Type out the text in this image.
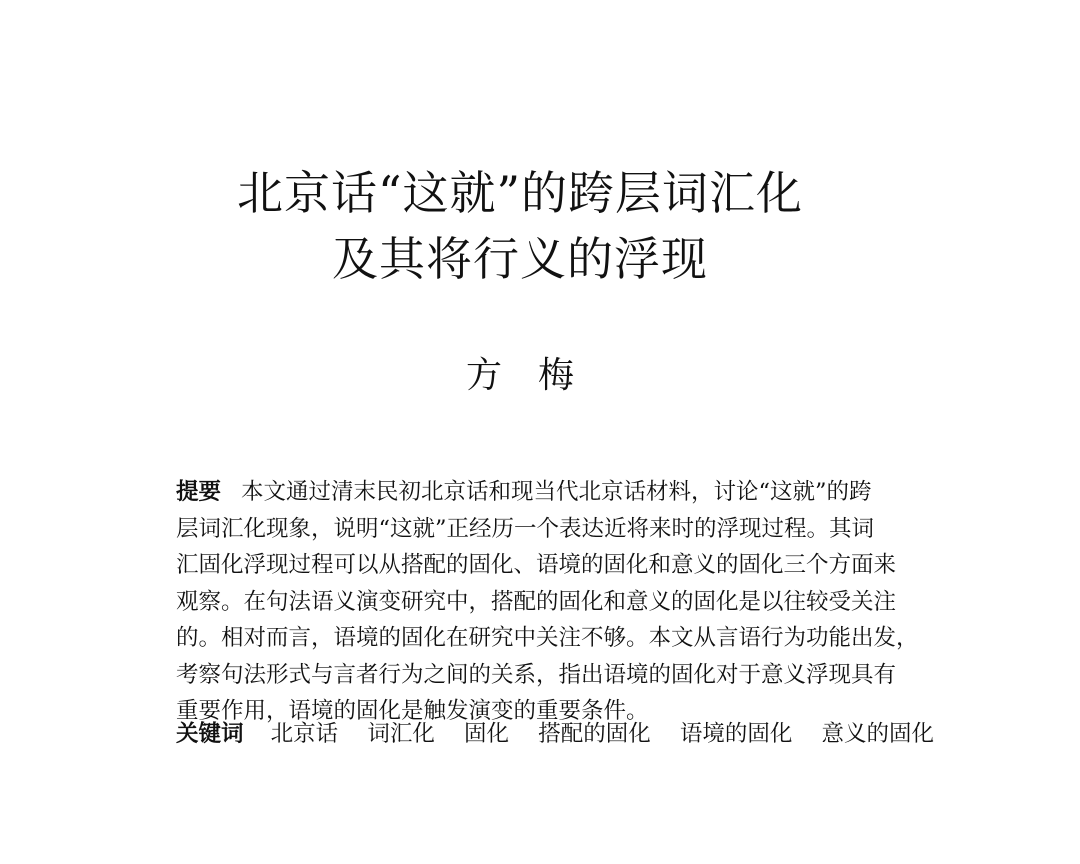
北京话“这就”的跨层词汇化
及其将行义的浮现
方　梅
提要 本文通过清末民初北京话和现当代北京话材料，讨论“这就”的跨
层词汇化现象，说明“这就”正经历一个表达近将来时的浮现过程。其词
汇固化浮现过程可以从搭配的固化、语境的固化和意义的固化三个方面来
观察。在句法语义演变研究中，搭配的固化和意义的固化是以往较受关注
的。相对而言，语境的固化在研究中关注不够。本文从言语行为功能出发，
考察句法形式与言者行为之间的关系，指出语境的固化对于意义浮现具有
重要作用，语境的固化是触发演变的重要条件。
关键词 北京话 词汇化 固化 搭配的固化 语境的固化 意义的固化
